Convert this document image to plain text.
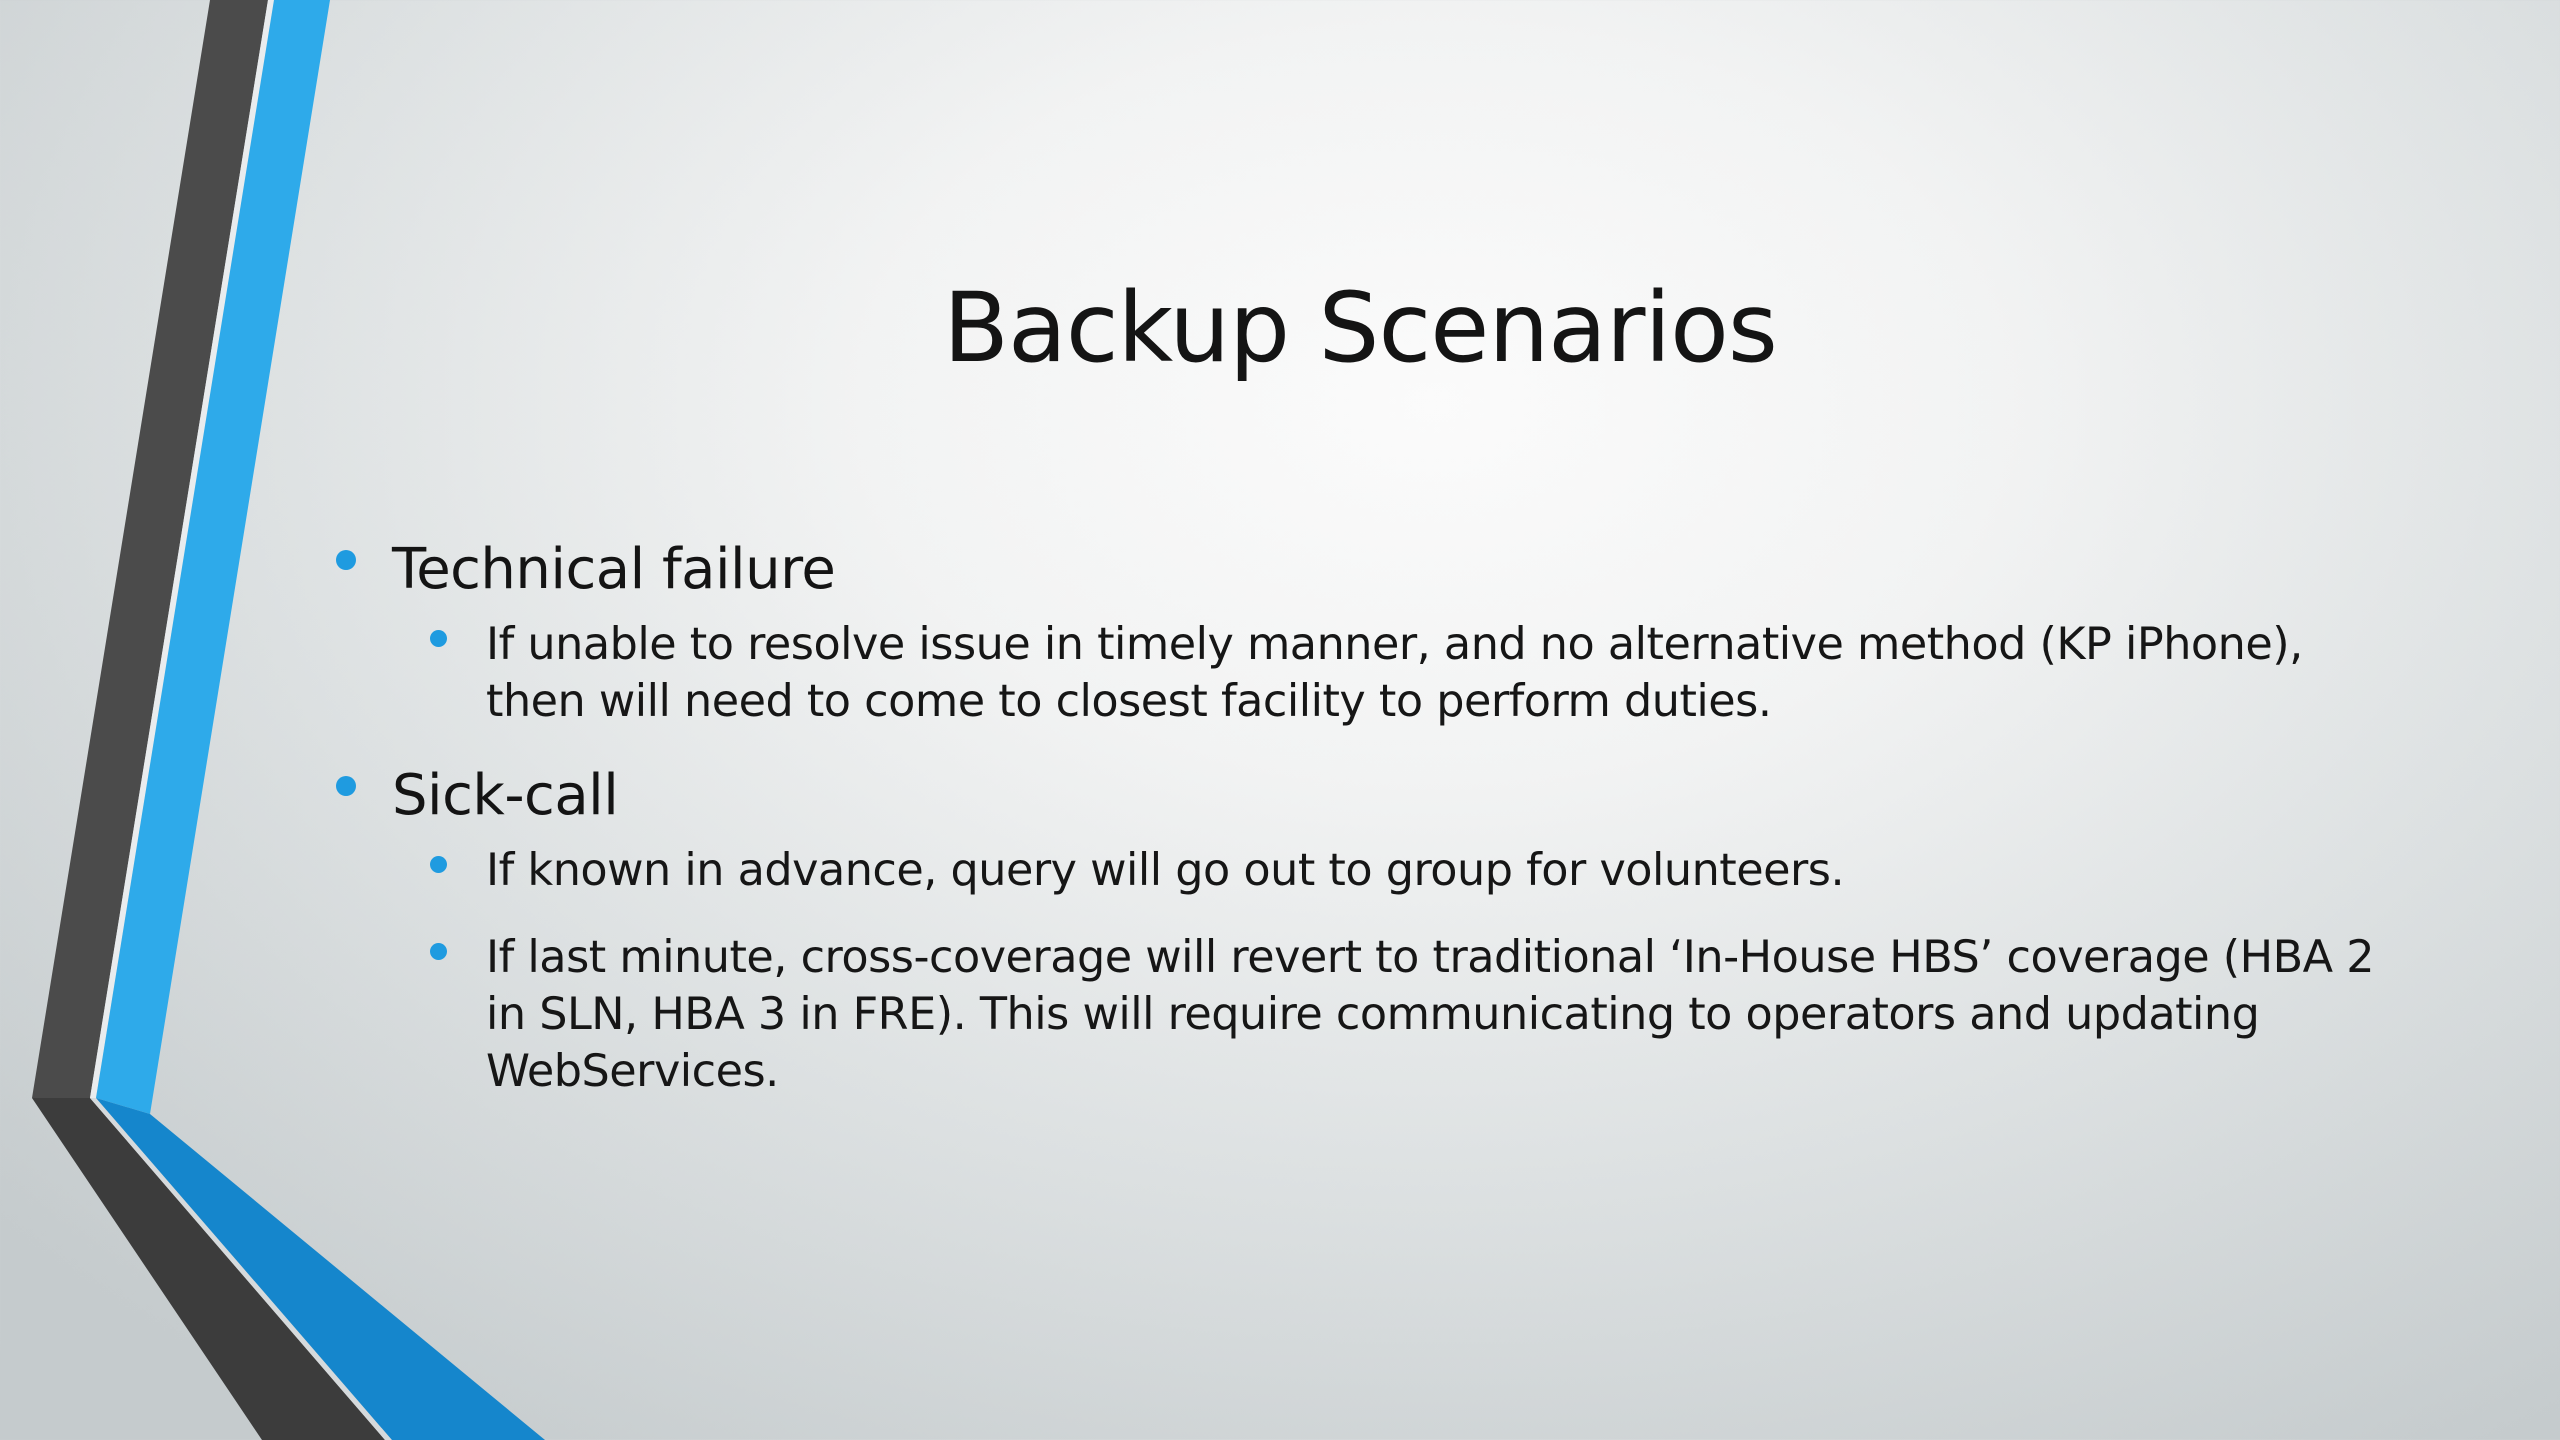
Backup Scenarios
Technical failure
If unable to resolve issue in timely manner, and no alternative method (KP iPhone), then will need to come to closest facility to perform duties.
Sick-call
If known in advance, query will go out to group for volunteers.
If last minute, cross-coverage will revert to traditional ‘In-House HBS’ coverage (HBA 2 in SLN, HBA 3 in FRE). This will require communicating to operators and updating WebServices.
